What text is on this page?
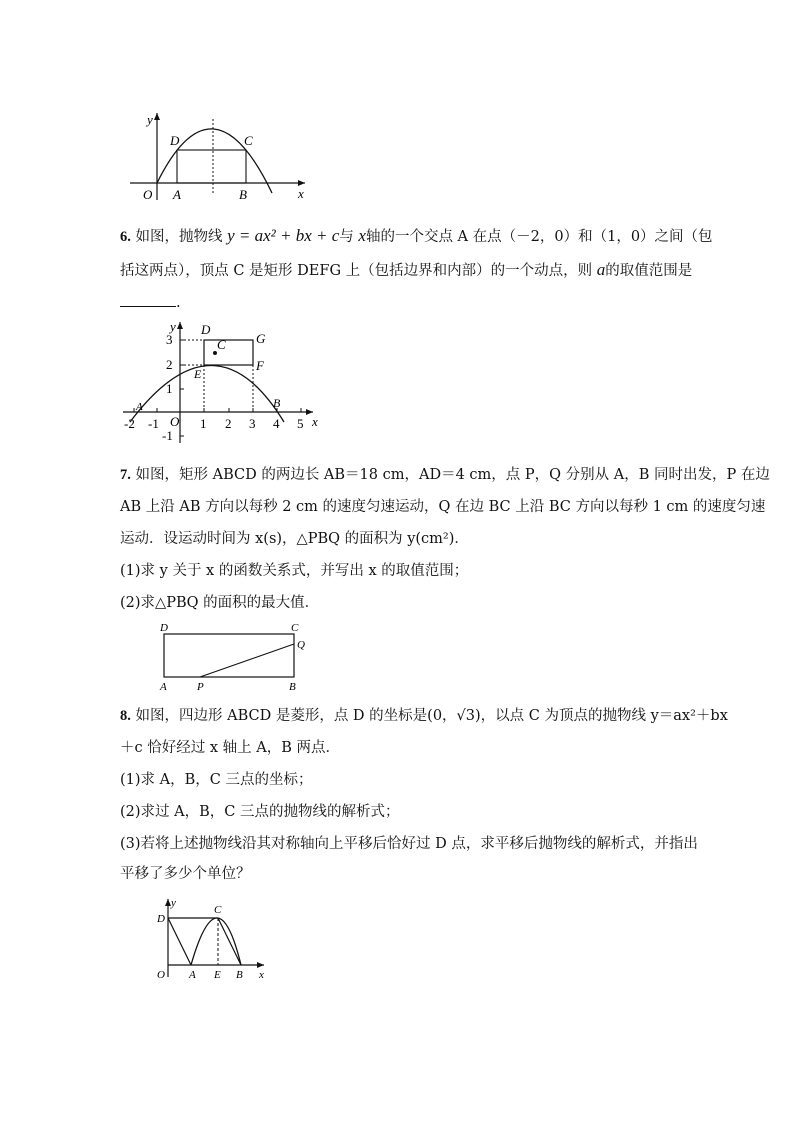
y
x
O A	B
D	C
6. 如图，抛物线 y = ax² + bx + c与 x轴的一个交点 A 在点（－2，0）和（1，0）之间（包
括这两点），顶点 C 是矩形 DEFG 上（包括边界和内部）的一个动点，则 a的取值范围是
.
y
x
O
D
G
C
E
F
A	B
-2 -1	1 2 3 4 5
3
2
1
-1
7. 如图，矩形 ABCD 的两边长 AB＝18 cm，AD＝4 cm，点 P，Q 分别从 A，B 同时出发，P 在边
AB 上沿 AB 方向以每秒 2 cm 的速度匀速运动，Q 在边 BC 上沿 BC 方向以每秒 1 cm 的速度匀速
运动．设运动时间为 x(s)，△PBQ 的面积为 y(cm²)．
(1)求 y 关于 x 的函数关系式，并写出 x 的取值范围；
(2)求△PBQ 的面积的最大值．
D	C
Q
A	P	B
8. 如图，四边形 ABCD 是菱形，点 D 的坐标是(0，√3)，以点 C 为顶点的抛物线 y＝ax²＋bx
＋c 恰好经过 x 轴上 A，B 两点．
(1)求 A，B，C 三点的坐标；
(2)求过 A，B，C 三点的抛物线的解析式；
(3)若将上述抛物线沿其对称轴向上平移后恰好过 D 点，求平移后抛物线的解析式，并指出
平移了多少个单位？
y
x
D
C
O A E B
